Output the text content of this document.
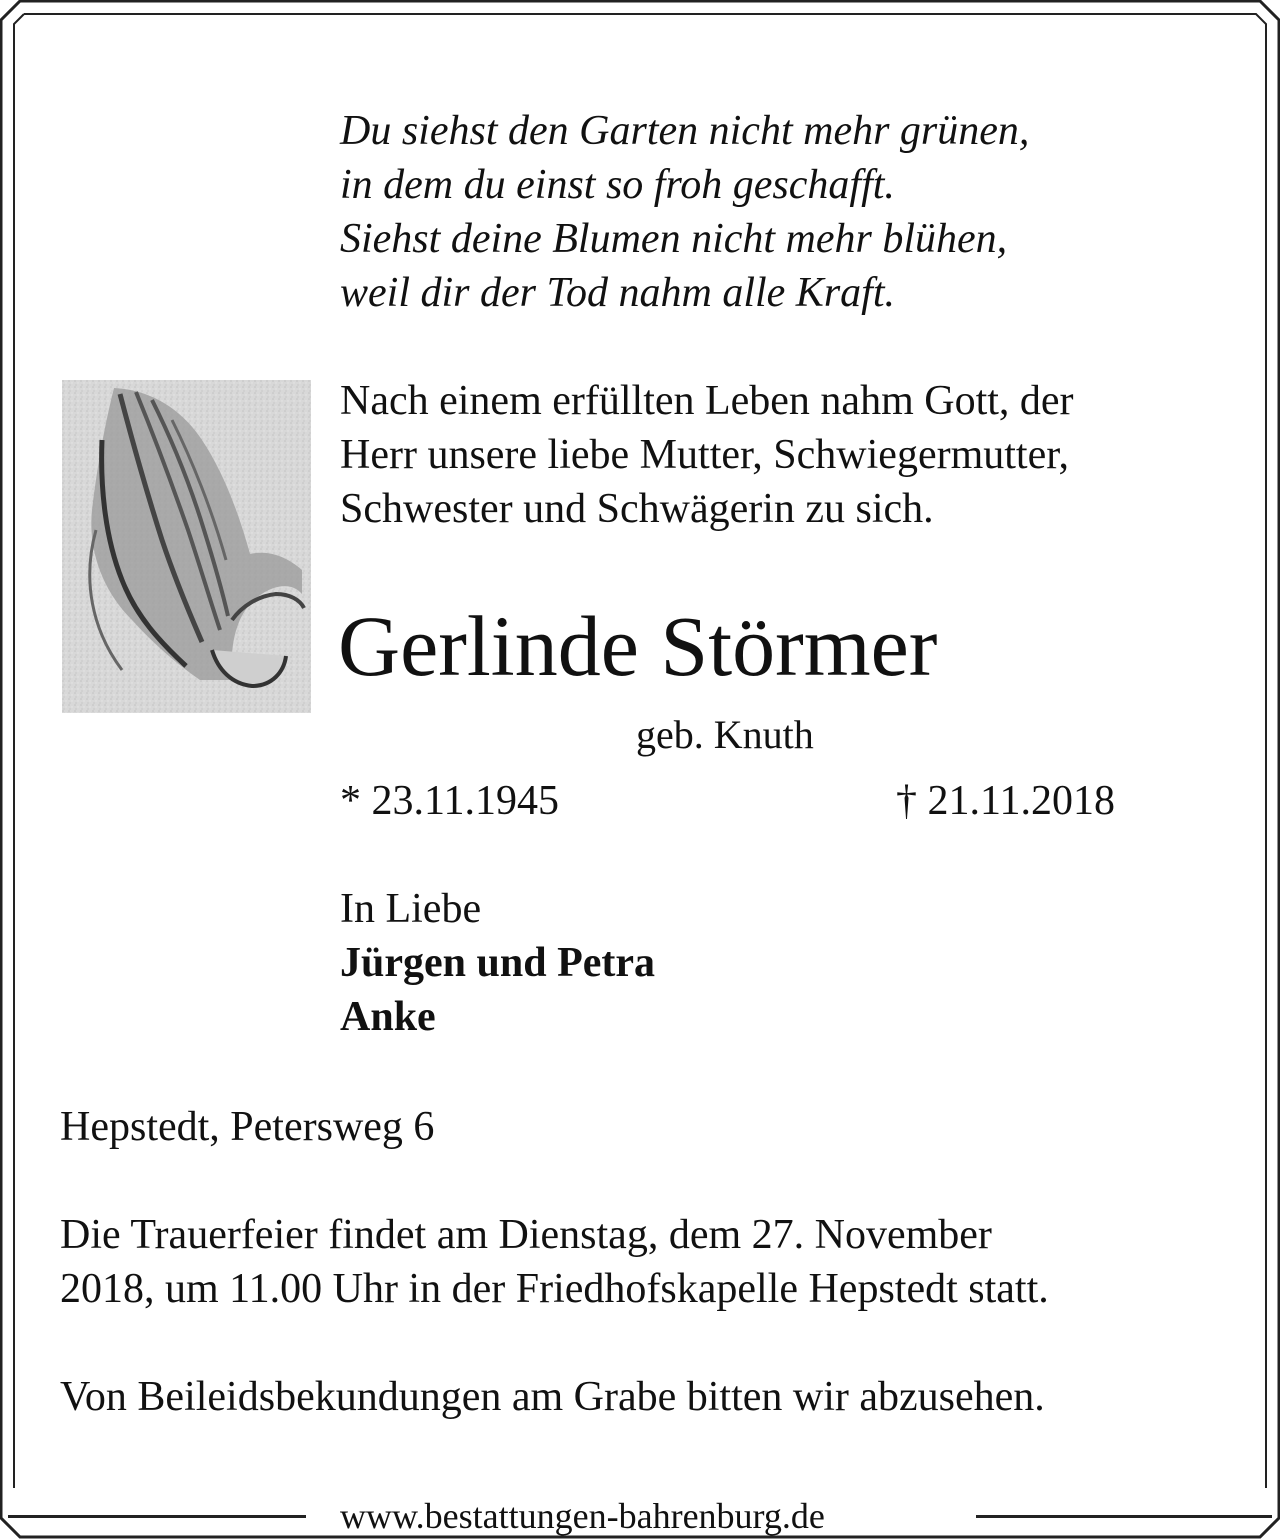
Du siehst den Garten nicht mehr grünen,
in dem du einst so froh geschafft.
Siehst deine Blumen nicht mehr blühen,
weil dir der Tod nahm alle Kraft.
Nach einem erfüllten Leben nahm Gott, der
Herr unsere liebe Mutter, Schwiegermutter,
Schwester und Schwägerin zu sich.
Gerlinde Störmer
geb. Knuth
* 23.11.1945	† 21.11.2018
In Liebe
Jürgen und Petra
Anke
Hepstedt, Petersweg 6
Die Trauerfeier findet am Dienstag, dem 27. November
2018, um 11.00 Uhr in der Friedhofskapelle Hepstedt statt.
Von Beileidsbekundungen am Grabe bitten wir abzusehen.
www.bestattungen-bahrenburg.de
